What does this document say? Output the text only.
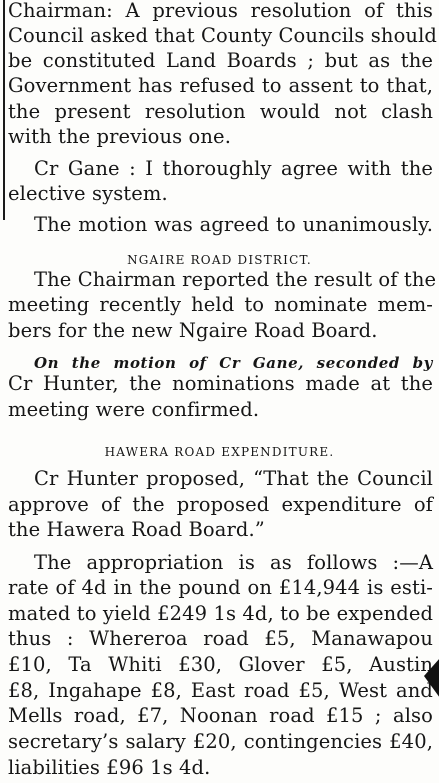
Chairman: A previous resolution of this
Council asked that County Councils should
be constituted Land Boards ; but as the
Government has refused to assent to that,
the present resolution would not clash
with the previous one.
Cr Gane : I thoroughly agree with the
elective system.
The motion was agreed to unanimously.
NGAIRE ROAD DISTRICT.
The Chairman reported the result of the
meeting recently held to nominate mem-
bers for the new Ngaire Road Board.
On the motion of Cr Gane, seconded by
Cr Hunter, the nominations made at the
meeting were confirmed.
HAWERA ROAD EXPENDITURE.
Cr Hunter proposed, “That the Council
approve of the proposed expenditure of
the Hawera Road Board.”
The appropriation is as follows :—A
rate of 4d in the pound on £14,944 is esti-
mated to yield £249 1s 4d, to be expended
thus : Whereroa road £5, Manawapou
£10, Ta Whiti £30, Glover £5, Austin
£8, Ingahape £8, East road £5, West and
Mells road, £7, Noonan road £15 ; also
secretary’s salary £20, contingencies £40,
liabilities £96 1s 4d.
